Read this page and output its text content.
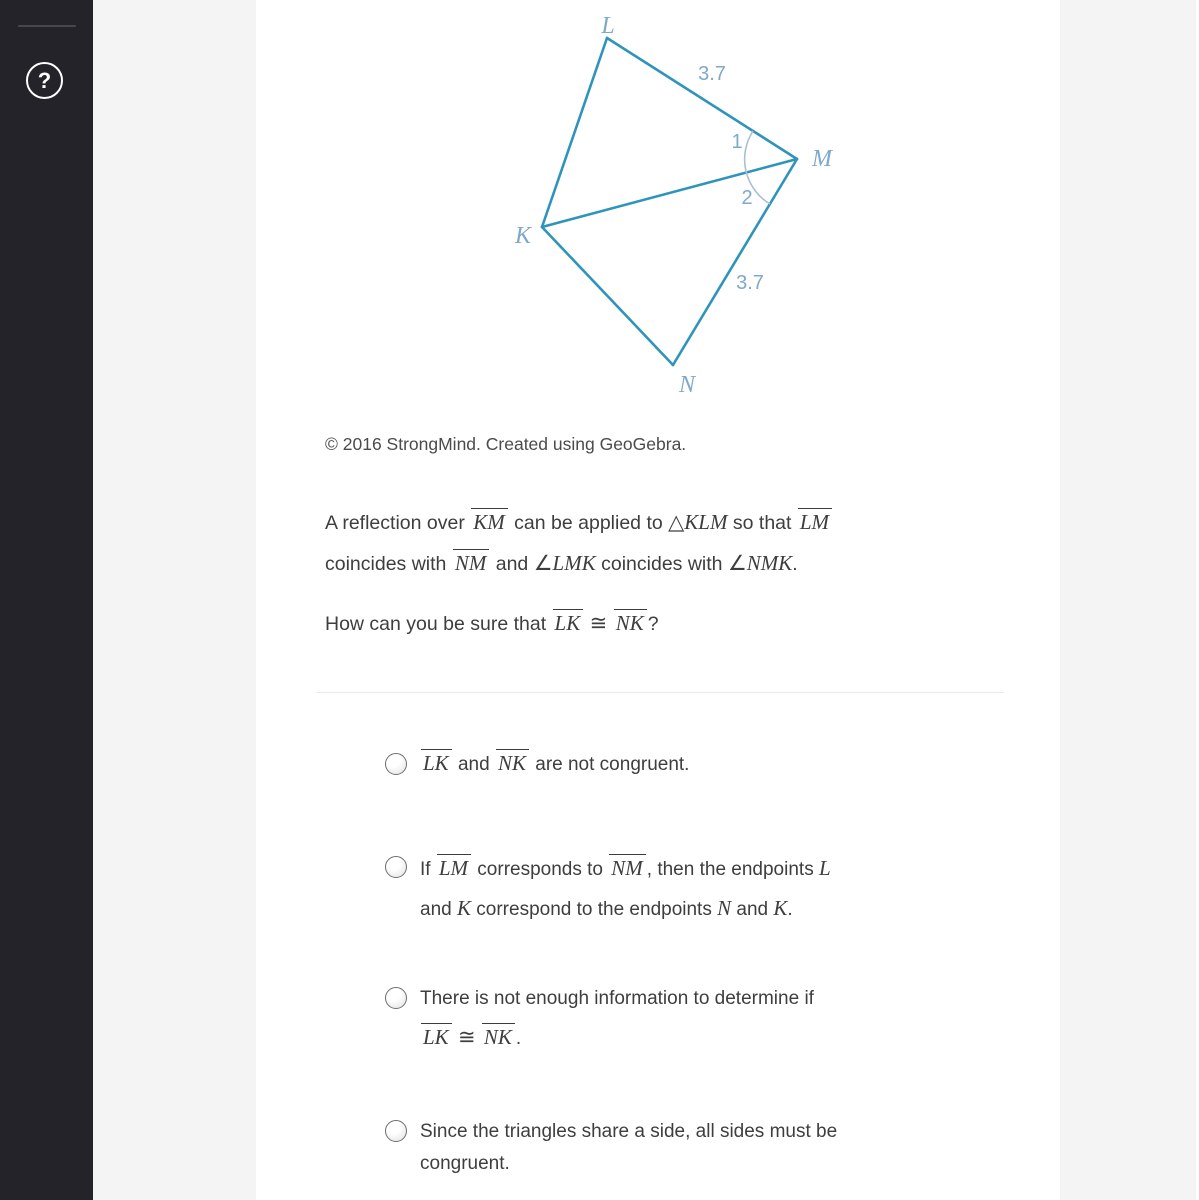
?
L
M
K
N
3.7
3.7
1
2
© 2016 StrongMind. Created using GeoGebra.
A reflection over KM can be applied to △KLM so that LM
coincides with NM and ∠LMK coincides with ∠NMK.
How can you be sure that LK ≅ NK ?
LK and NK are not congruent.
If LM corresponds to NM , then the endpoints L
and K correspond to the endpoints N and K.
There is not enough information to determine if
LK ≅ NK .
Since the triangles share a side, all sides must be
congruent.
